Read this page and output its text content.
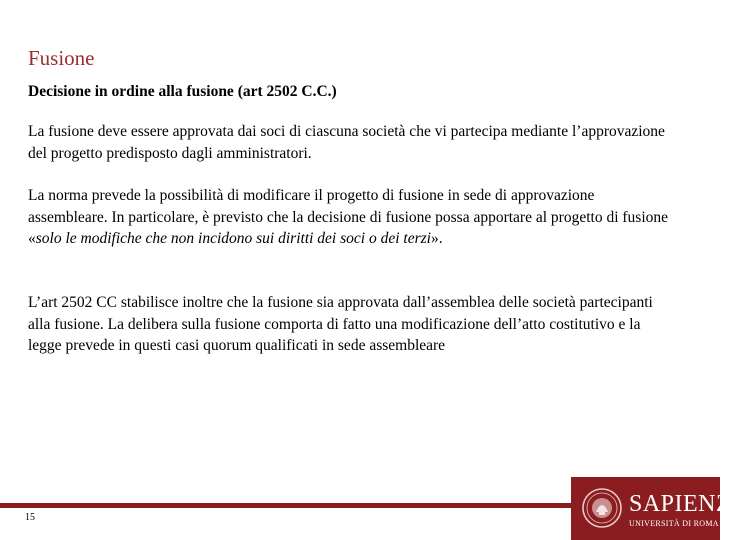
Fusione
Decisione in ordine alla fusione (art 2502 C.C.)
La fusione deve essere approvata dai soci di ciascuna società che vi partecipa mediante l’approvazione del progetto predisposto dagli amministratori.
La norma prevede la possibilità di modificare il progetto di fusione in sede di approvazione assembleare. In particolare, è previsto che la decisione di fusione possa apportare al progetto di fusione «solo le modifiche che non incidono sui diritti dei soci o dei terzi».
L’art 2502 CC stabilisce inoltre che la fusione sia approvata dall’assemblea delle società partecipanti alla fusione. La delibera sulla fusione comporta di fatto una modificazione dell’atto costitutivo e la legge prevede in questi casi quorum qualificati in sede assembleare
15
SAPIENZA
UNIVERSITÀ DI ROMA
